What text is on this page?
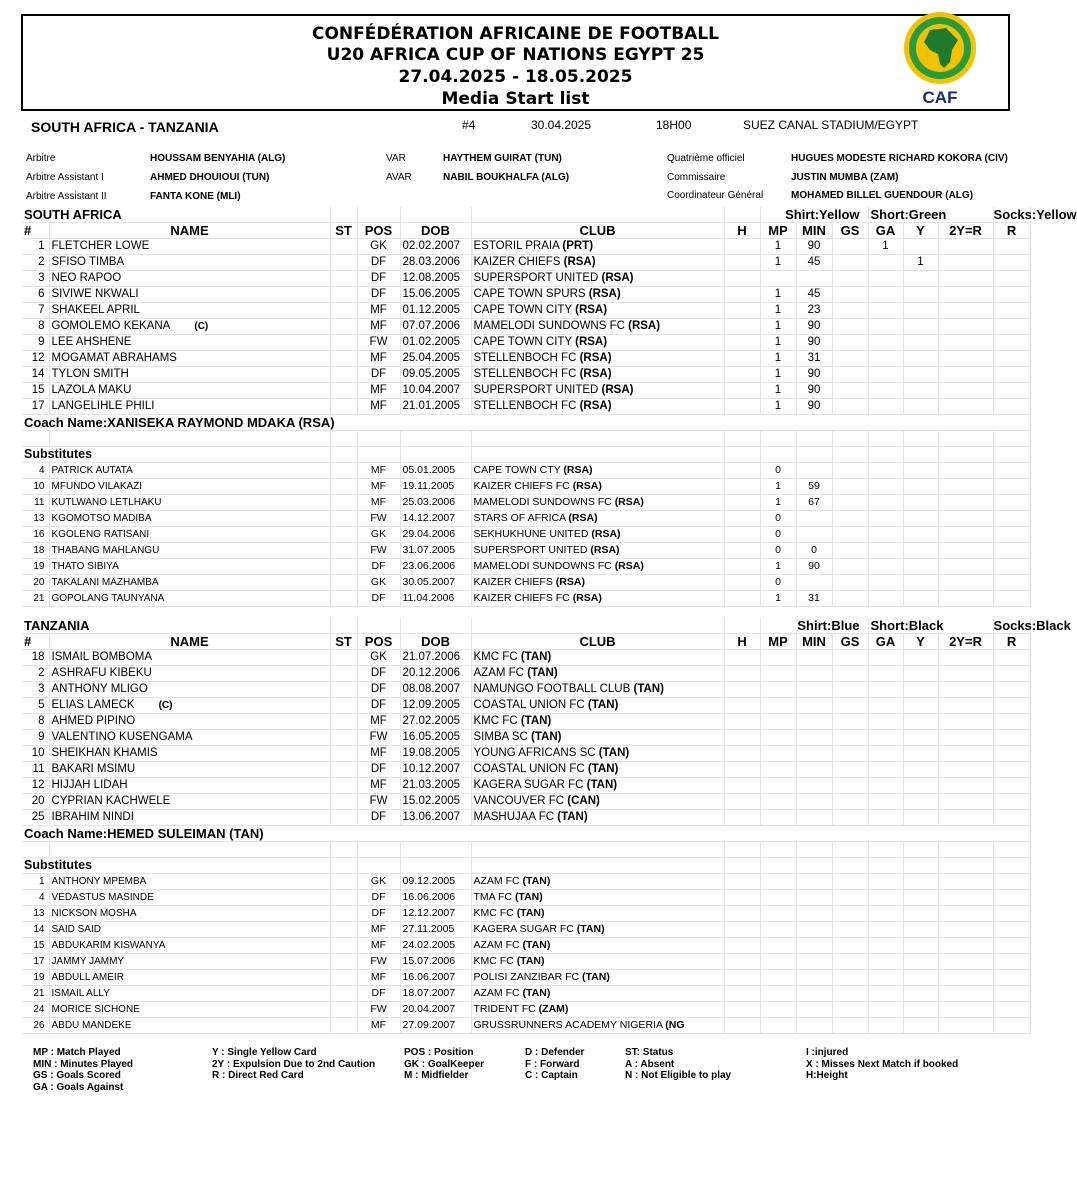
CONFÉDÉRATION AFRICAINE DE FOOTBALL
U20 AFRICA CUP OF NATIONS EGYPT 25
27.04.2025 - 18.05.2025
Media Start list	CAF
SOUTH AFRICA - TANZANIA	#4	30.04.2025	18H00	SUEZ CANAL STADIUM/EGYPT
Arbitre	HOUSSAM BENYAHIA (ALG)
Arbitre Assistant I	AHMED DHOUIOUI (TUN)
Arbitre Assistant II	FANTA KONE (MLI)
VAR	HAYTHEM GUIRAT (TUN)
AVAR	NABIL BOUKHALFA (ALG)
Quatrième officiel	HUGUES MODESTE RICHARD KOKORA (CIV)
Commissaire	JUSTIN MUMBA (ZAM)
Coordinateur Général	MOHAMED BILLEL GUENDOUR (ALG)
SOUTH AFRICA							Shirt:Yellow			Short:Green			Socks:Yellow
#	NAME	ST	POS	DOB	CLUB	H	MP	MIN	GS	GA	Y	2Y=R	R
1	FLETCHER LOWE		GK	02.02.2007	ESTORIL PRAIA (PRT)		1	90		1			
2	SFISO TIMBA		DF	28.03.2006	KAIZER CHIEFS (RSA)		1	45			1		
3	NEO RAPOO		DF	12.08.2005	SUPERSPORT UNITED (RSA)								
6	SIVIWE NKWALI		DF	15.06.2005	CAPE TOWN SPURS (RSA)		1	45					
7	SHAKEEL APRIL		MF	01.12.2005	CAPE TOWN CITY (RSA)		1	23					
8	GOMOLEMO KEKANA (C)		MF	07.07.2006	MAMELODI SUNDOWNS FC (RSA)		1	90					
9	LEE AHSHENE		FW	01.02.2005	CAPE TOWN CITY (RSA)		1	90					
12	MOGAMAT ABRAHAMS		MF	25.04.2005	STELLENBOCH FC (RSA)		1	31					
14	TYLON SMITH		DF	09.05.2005	STELLENBOCH FC (RSA)		1	90					
15	LAZOLA MAKU		MF	10.04.2007	SUPERSPORT UNITED (RSA)		1	90					
17	LANGELIHLE PHILI		MF	21.01.2005	STELLENBOCH FC (RSA)		1	90					
Coach Name:XANISEKA RAYMOND MDAKA (RSA)													

Substitutes													
4	PATRICK AUTATA		MF	05.01.2005	CAPE TOWN CTY (RSA)		0						
10	MFUNDO VILAKAZI		MF	19.11.2005	KAIZER CHIEFS FC (RSA)		1	59					
11	KUTLWANO LETLHAKU		MF	25.03.2006	MAMELODI SUNDOWNS FC (RSA)		1	67					
13	KGOMOTSO MADIBA		FW	14.12.2007	STARS OF AFRICA (RSA)		0						
16	KGOLENG RATISANI		GK	29.04.2006	SEKHUKHUNE UNITED (RSA)		0						
18	THABANG MAHLANGU		FW	31.07.2005	SUPERSPORT UNITED (RSA)		0	0					
19	THATO SIBIYA		DF	23.06.2006	MAMELODI SUNDOWNS FC (RSA)		1	90					
20	TAKALANI MAZHAMBA		GK	30.05.2007	KAIZER CHIEFS (RSA)		0						
21	GOPOLANG TAUNYANA		DF	11.04.2006	KAIZER CHIEFS FC (RSA)		1	31					
TANZANIA							Shirt:Blue			Short:Black			Socks:Black
#	NAME	ST	POS	DOB	CLUB	H	MP	MIN	GS	GA	Y	2Y=R	R
18	ISMAIL BOMBOMA		GK	21.07.2006	KMC FC (TAN)								
2	ASHRAFU KIBEKU		DF	20.12.2006	AZAM FC (TAN)								
3	ANTHONY MLIGO		DF	08.08.2007	NAMUNGO FOOTBALL CLUB (TAN)								
5	ELIAS LAMECK (C)		DF	12.09.2005	COASTAL UNION FC (TAN)								
8	AHMED PIPINO		MF	27.02.2005	KMC FC (TAN)								
9	VALENTINO KUSENGAMA		FW	16.05.2005	SIMBA SC (TAN)								
10	SHEIKHAN KHAMIS		MF	19.08.2005	YOUNG AFRICANS SC (TAN)								
11	BAKARI MSIMU		DF	10.12.2007	COASTAL UNION FC (TAN)								
12	HIJJAH LIDAH		MF	21.03.2005	KAGERA SUGAR FC (TAN)								
20	CYPRIAN KACHWELE		FW	15.02.2005	VANCOUVER FC (CAN)								
25	IBRAHIM NINDI		DF	13.06.2007	MASHUJAA FC (TAN)								
Coach Name:HEMED SULEIMAN (TAN)													

Substitutes													
1	ANTHONY MPEMBA		GK	09.12.2005	AZAM FC (TAN)								
4	VEDASTUS MASINDE		DF	16.06.2006	TMA FC (TAN)								
13	NICKSON MOSHA		DF	12.12.2007	KMC FC (TAN)								
14	SAID SAID		MF	27.11.2005	KAGERA SUGAR FC (TAN)								
15	ABDUKARIM KISWANYA		MF	24.02.2005	AZAM FC (TAN)								
17	JAMMY JAMMY		FW	15.07.2006	KMC FC (TAN)								
19	ABDULL AMEIR		MF	16.06.2007	POLISI ZANZIBAR FC (TAN)								
21	ISMAIL ALLY		DF	18.07.2007	AZAM FC (TAN)								
24	MORICE SICHONE		FW	20.04.2007	TRIDENT FC (ZAM)								
26	ABDU MANDEKE		MF	27.09.2007	GRUSSRUNNERS ACADEMY NIGERIA (NG								
MP : Match Played
MIN : Minutes Played
GS : Goals Scored
GA : Goals Against
Y : Single Yellow Card
2Y : Expulsion Due to 2nd Caution
R : Direct Red Card
POS : Position
GK : GoalKeeper
M : Midfielder
D : Defender
F : Forward
C : Captain
ST: Status
A : Absent
N : Not Eligible to play
I :injured
X : Misses Next Match if booked
H:Height
